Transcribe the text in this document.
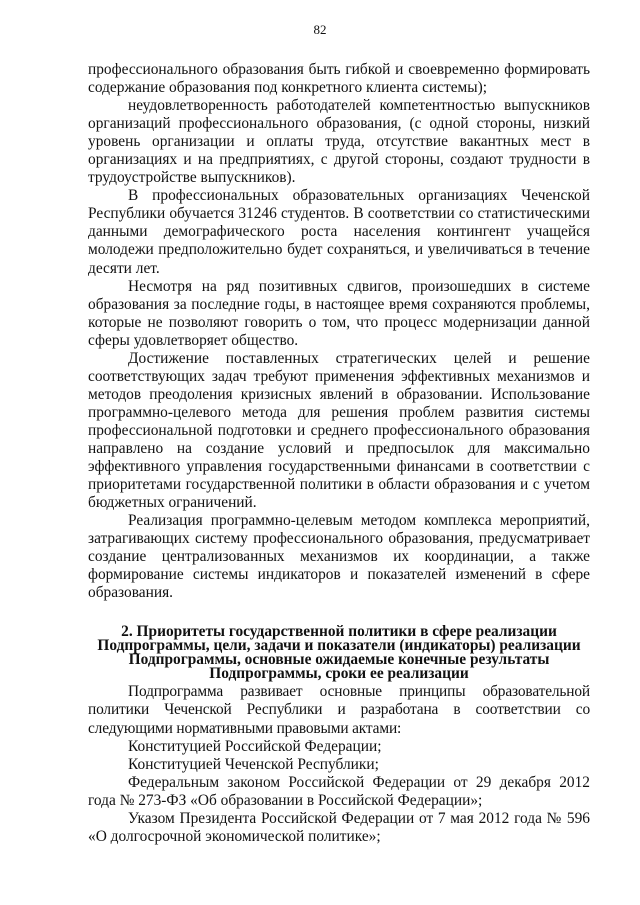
82

профессионального образования быть гибкой и своевременно формировать содержание образования под конкретного клиента системы);

неудовлетворенность работодателей компетентностью выпускников организаций профессионального образования, (с одной стороны, низкий уровень организации и оплаты труда, отсутствие вакантных мест в организациях и на предприятиях, с другой стороны, создают трудности в трудоустройстве выпускников).

В профессиональных образовательных организациях Чеченской Республики обучается 31246 студентов. В соответствии со статистическими данными демографического роста населения контингент учащейся молодежи предположительно будет сохраняться, и увеличиваться в течение десяти лет.

Несмотря на ряд позитивных сдвигов, произошедших в системе образования за последние годы, в настоящее время сохраняются проблемы, которые не позволяют говорить о том, что процесс модернизации данной сферы удовлетворяет общество.

Достижение поставленных стратегических целей и решение соответствующих задач требуют применения эффективных механизмов и методов преодоления кризисных явлений в образовании. Использование программно-целевого метода для решения проблем развития системы профессиональной подготовки и среднего профессионального образования направлено на создание условий и предпосылок для максимально эффективного управления государственными финансами в соответствии с приоритетами государственной политики в области образования и с учетом бюджетных ограничений.

Реализация программно-целевым методом комплекса мероприятий, затрагивающих систему профессионального образования, предусматривает создание централизованных механизмов их координации, а также формирование системы индикаторов и показателей изменений в сфере образования.

2. Приоритеты государственной политики в сфере реализации
Подпрограммы, цели, задачи и показатели (индикаторы) реализации
Подпрограммы, основные ожидаемые конечные результаты
Подпрограммы, сроки ее реализации

Подпрограмма развивает основные принципы образовательной политики Чеченской Республики и разработана в соответствии со следующими нормативными правовыми актами:

Конституцией Российской Федерации;

Конституцией Чеченской Республики;

Федеральным законом Российской Федерации от 29 декабря 2012 года № 273-ФЗ «Об образовании в Российской Федерации»;

Указом Президента Российской Федерации от 7 мая 2012 года № 596 «О долгосрочной экономической политике»;
